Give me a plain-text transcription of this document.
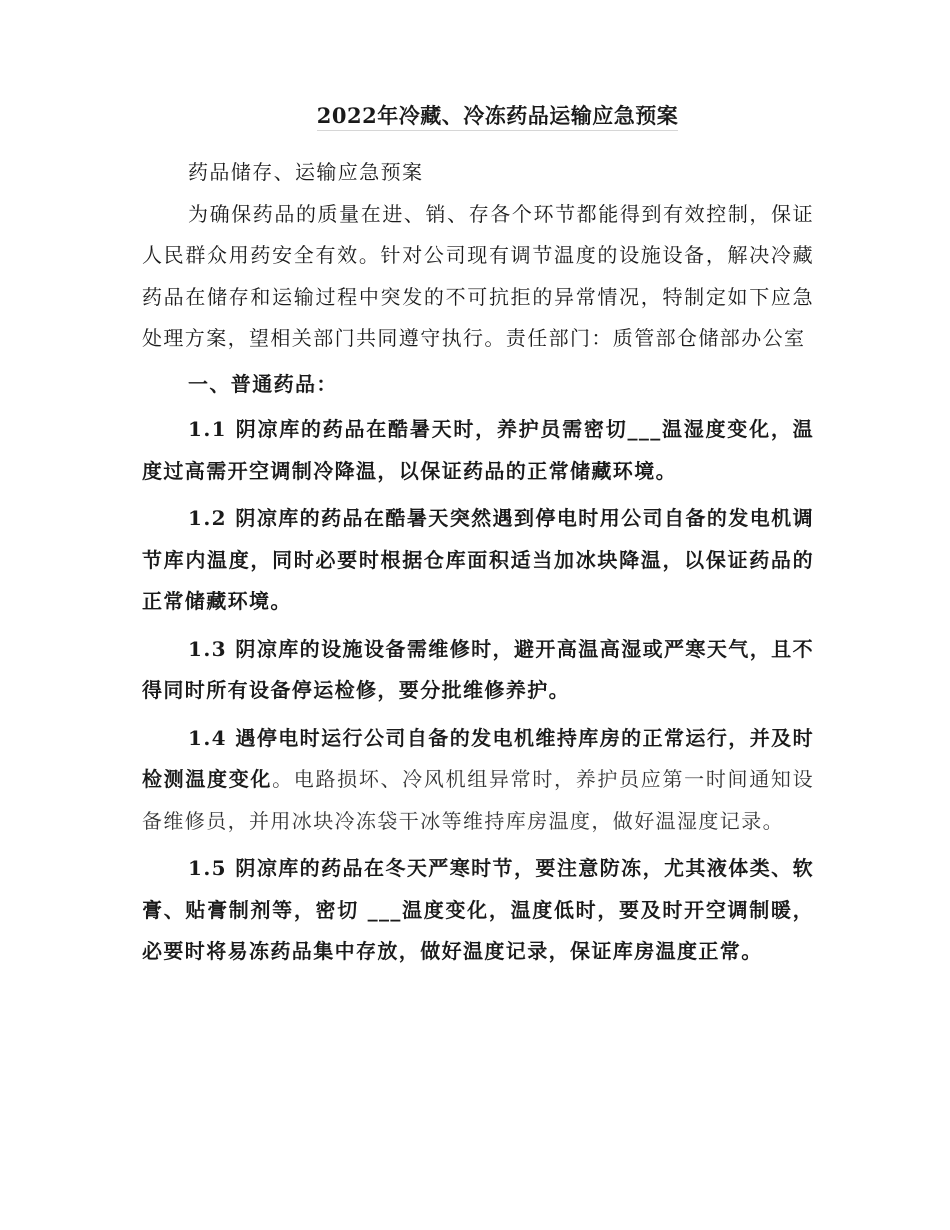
2022年冷藏、冷冻药品运输应急预案

药品储存、运输应急预案

为确保药品的质量在进、销、存各个环节都能得到有效控制，保证人民群众用药安全有效。针对公司现有调节温度的设施设备，解决冷藏药品在储存和运输过程中突发的不可抗拒的异常情况，特制定如下应急处理方案，望相关部门共同遵守执行。责任部门：质管部仓储部办公室

一、普通药品：

1.1 阴凉库的药品在酷暑天时，养护员需密切___温湿度变化，温度过高需开空调制冷降温，以保证药品的正常储藏环境。

1.2 阴凉库的药品在酷暑天突然遇到停电时用公司自备的发电机调节库内温度，同时必要时根据仓库面积适当加冰块降温，以保证药品的正常储藏环境。

1.3 阴凉库的设施设备需维修时，避开高温高湿或严寒天气，且不得同时所有设备停运检修，要分批维修养护。

1.4 遇停电时运行公司自备的发电机维持库房的正常运行，并及时检测温度变化。电路损坏、冷风机组异常时，养护员应第一时间通知设备维修员，并用冰块冷冻袋干冰等维持库房温度，做好温湿度记录。

1.5 阴凉库的药品在冬天严寒时节，要注意防冻，尤其液体类、软膏、贴膏制剂等，密切 ___温度变化，温度低时，要及时开空调制暖，必要时将易冻药品集中存放，做好温度记录，保证库房温度正常。
